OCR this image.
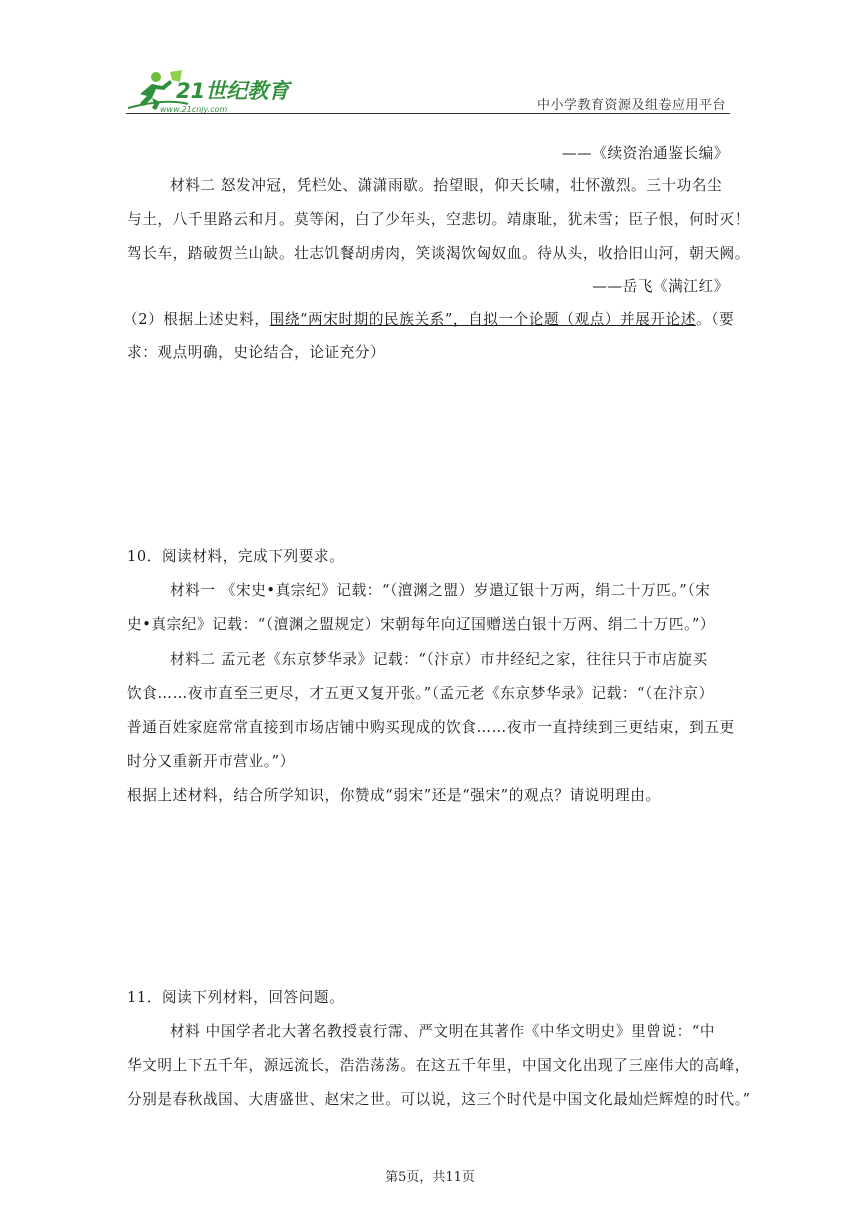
21世纪教育
www.21cnjy.com	中小学教育资源及组卷应用平台
——《续资治通鉴长编》
材料二 怒发冲冠，凭栏处、潇潇雨歇。抬望眼，仰天长啸，壮怀激烈。三十功名尘
与土，八千里路云和月。莫等闲，白了少年头，空悲切。靖康耻，犹未雪；臣子恨，何时灭！
驾长车，踏破贺兰山缺。壮志饥餐胡虏肉，笑谈渴饮匈奴血。待从头，收拾旧山河，朝天阙。
——岳飞《满江红》
（2）根据上述史料，围绕“两宋时期的民族关系”，自拟一个论题（观点）并展开论述。（要
求：观点明确，史论结合，论证充分）
10．阅读材料，完成下列要求。
材料一 《宋史•真宗纪》记载：“（澶渊之盟）岁遣辽银十万两，绢二十万匹。”（宋
史•真宗纪》记载：“（澶渊之盟规定）宋朝每年向辽国赠送白银十万两、绢二十万匹。”）
材料二 孟元老《东京梦华录》记载：“（汴京）市井经纪之家，往往只于市店旋买
饮食……夜市直至三更尽，才五更又复开张。”（孟元老《东京梦华录》记载：“（在汴京）
普通百姓家庭常常直接到市场店铺中购买现成的饮食……夜市一直持续到三更结束，到五更
时分又重新开市营业。”）
根据上述材料，结合所学知识，你赞成“弱宋”还是“强宋”的观点？请说明理由。
11．阅读下列材料，回答问题。
材料 中国学者北大著名教授袁行霈、严文明在其著作《中华文明史》里曾说：“中
华文明上下五千年，源远流长，浩浩荡荡。在这五千年里，中国文化出现了三座伟大的高峰，
分别是春秋战国、大唐盛世、赵宋之世。可以说，这三个时代是中国文化最灿烂辉煌的时代。”
第5页，共11页
